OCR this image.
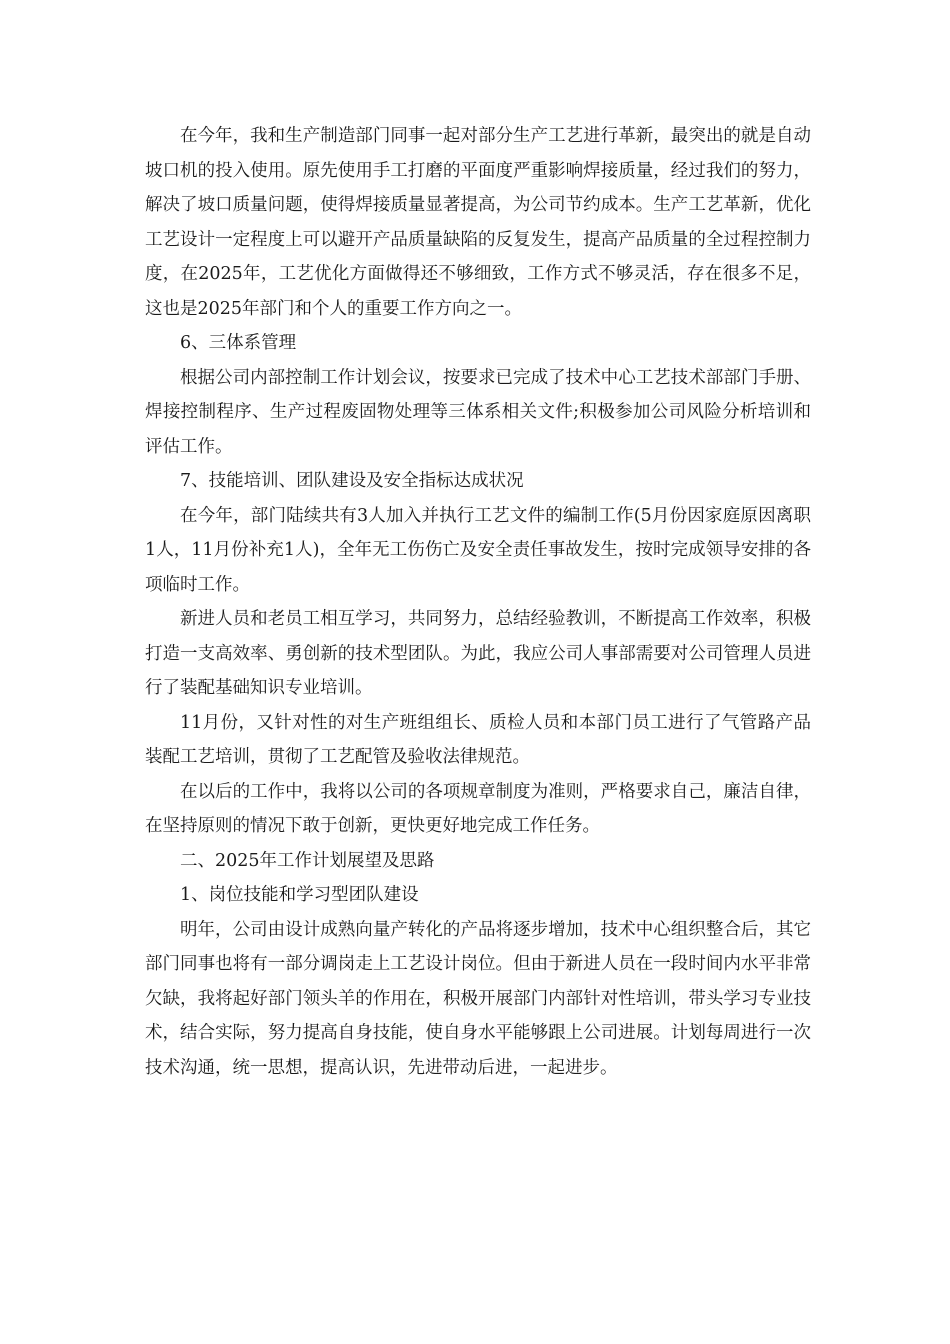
在今年，我和生产制造部门同事一起对部分生产工艺进行革新，最突出的就是自动坡口机的投入使用。原先使用手工打磨的平面度严重影响焊接质量，经过我们的努力，解决了坡口质量问题，使得焊接质量显著提高，为公司节约成本。生产工艺革新，优化工艺设计一定程度上可以避开产品质量缺陷的反复发生，提高产品质量的全过程控制力度，在2025年，工艺优化方面做得还不够细致，工作方式不够灵活，存在很多不足，这也是2025年部门和个人的重要工作方向之一。

6、三体系管理

根据公司内部控制工作计划会议，按要求已完成了技术中心工艺技术部部门手册、焊接控制程序、生产过程废固物处理等三体系相关文件;积极参加公司风险分析培训和评估工作。

7、技能培训、团队建设及安全指标达成状况

在今年，部门陆续共有3人加入并执行工艺文件的编制工作(5月份因家庭原因离职1人，11月份补充1人)，全年无工伤伤亡及安全责任事故发生，按时完成领导安排的各项临时工作。

新进人员和老员工相互学习，共同努力，总结经验教训，不断提高工作效率，积极打造一支高效率、勇创新的技术型团队。为此，我应公司人事部需要对公司管理人员进行了装配基础知识专业培训。

11月份，又针对性的对生产班组组长、质检人员和本部门员工进行了气管路产品装配工艺培训，贯彻了工艺配管及验收法律规范。

在以后的工作中，我将以公司的各项规章制度为准则，严格要求自己，廉洁自律，在坚持原则的情况下敢于创新，更快更好地完成工作任务。

二、2025年工作计划展望及思路

1、岗位技能和学习型团队建设

明年，公司由设计成熟向量产转化的产品将逐步增加，技术中心组织整合后，其它部门同事也将有一部分调岗走上工艺设计岗位。但由于新进人员在一段时间内水平非常欠缺，我将起好部门领头羊的作用在，积极开展部门内部针对性培训，带头学习专业技术，结合实际，努力提高自身技能，使自身水平能够跟上公司进展。计划每周进行一次技术沟通，统一思想，提高认识，先进带动后进，一起进步。
